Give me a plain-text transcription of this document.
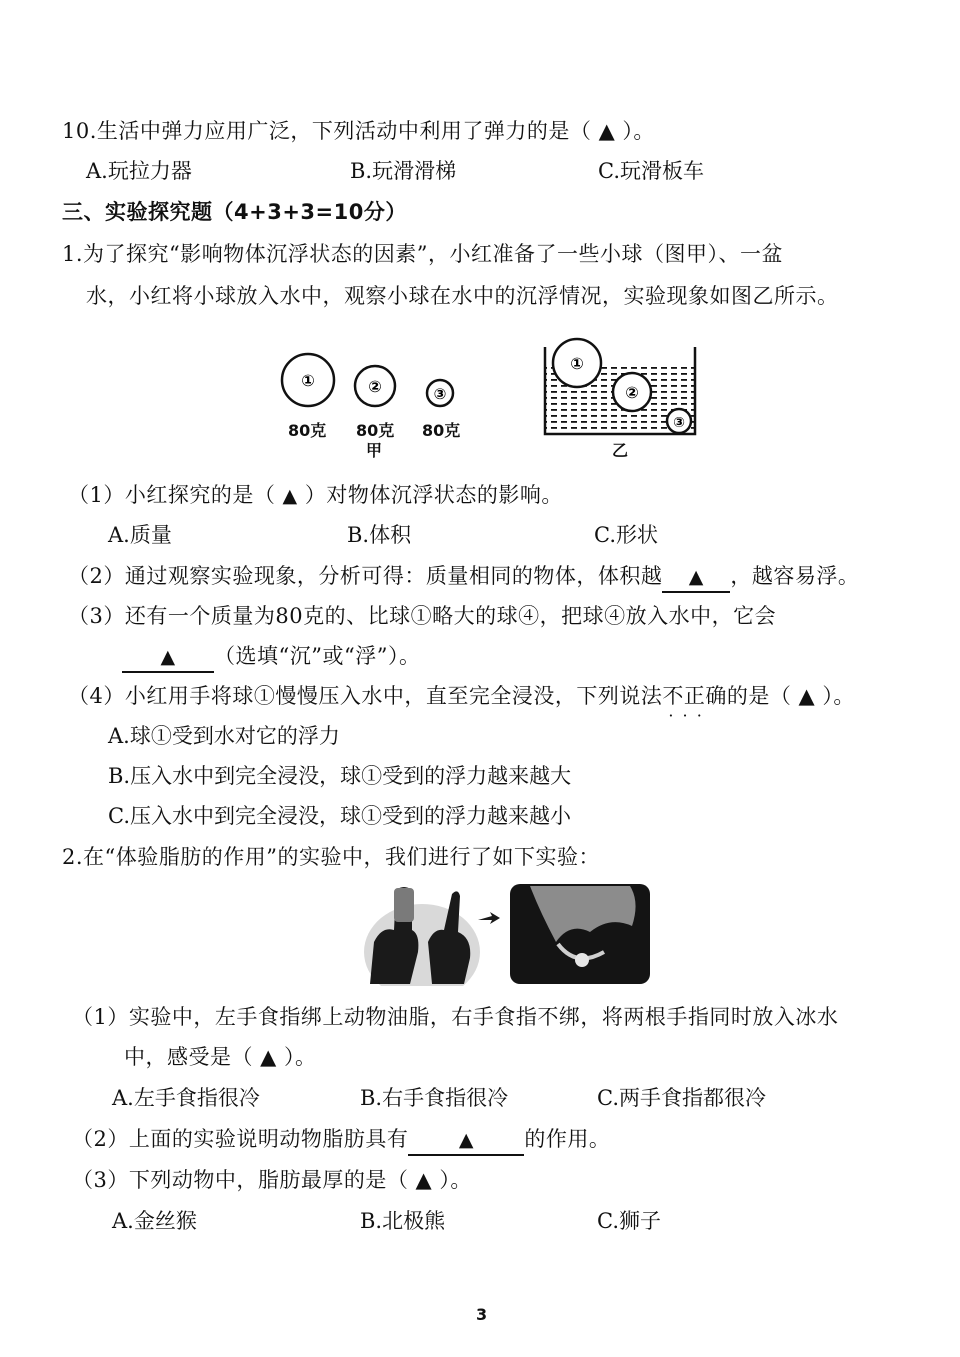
10.生活中弹力应用广泛，下列活动中利用了弹力的是（ ▲ ）。
A.玩拉力器	B.玩滑滑梯	C.玩滑板车
三、实验探究题（4+3+3=10分）
1.为了探究“影响物体沉浮状态的因素”，小红准备了一些小球（图甲）、一盆
水，小红将小球放入水中，观察小球在水中的沉浮情况，实验现象如图乙所示。
①	②	③
80克 80克 80克
甲
①
②
③
乙
（1）小红探究的是（ ▲ ）对物体沉浮状态的影响。
A.质量	B.体积	C.形状
（2）通过观察实验现象，分析可得：质量相同的物体，体积越 ▲ ，越容易浮。
（3）还有一个质量为80克的、比球①略大的球④，把球④放入水中，它会
▲ （选填“沉”或“浮”）。
（4）小红用手将球①慢慢压入水中，直至完全浸没，下列说法不正确 · · ·的是（ ▲ ）。
A.球①受到水对它的浮力
B.压入水中到完全浸没，球①受到的浮力越来越大
C.压入水中到完全浸没，球①受到的浮力越来越小
2.在“体验脂肪的作用”的实验中，我们进行了如下实验：
（1）实验中，左手食指绑上动物油脂，右手食指不绑，将两根手指同时放入冰水
中，感受是（ ▲ ）。
A.左手食指很冷	B.右手食指很冷	C.两手食指都很冷
（2）上面的实验说明动物脂肪具有	▲ 的作用。
（3）下列动物中，脂肪最厚的是（ ▲ ）。
A.金丝猴	B.北极熊	C.狮子
3
